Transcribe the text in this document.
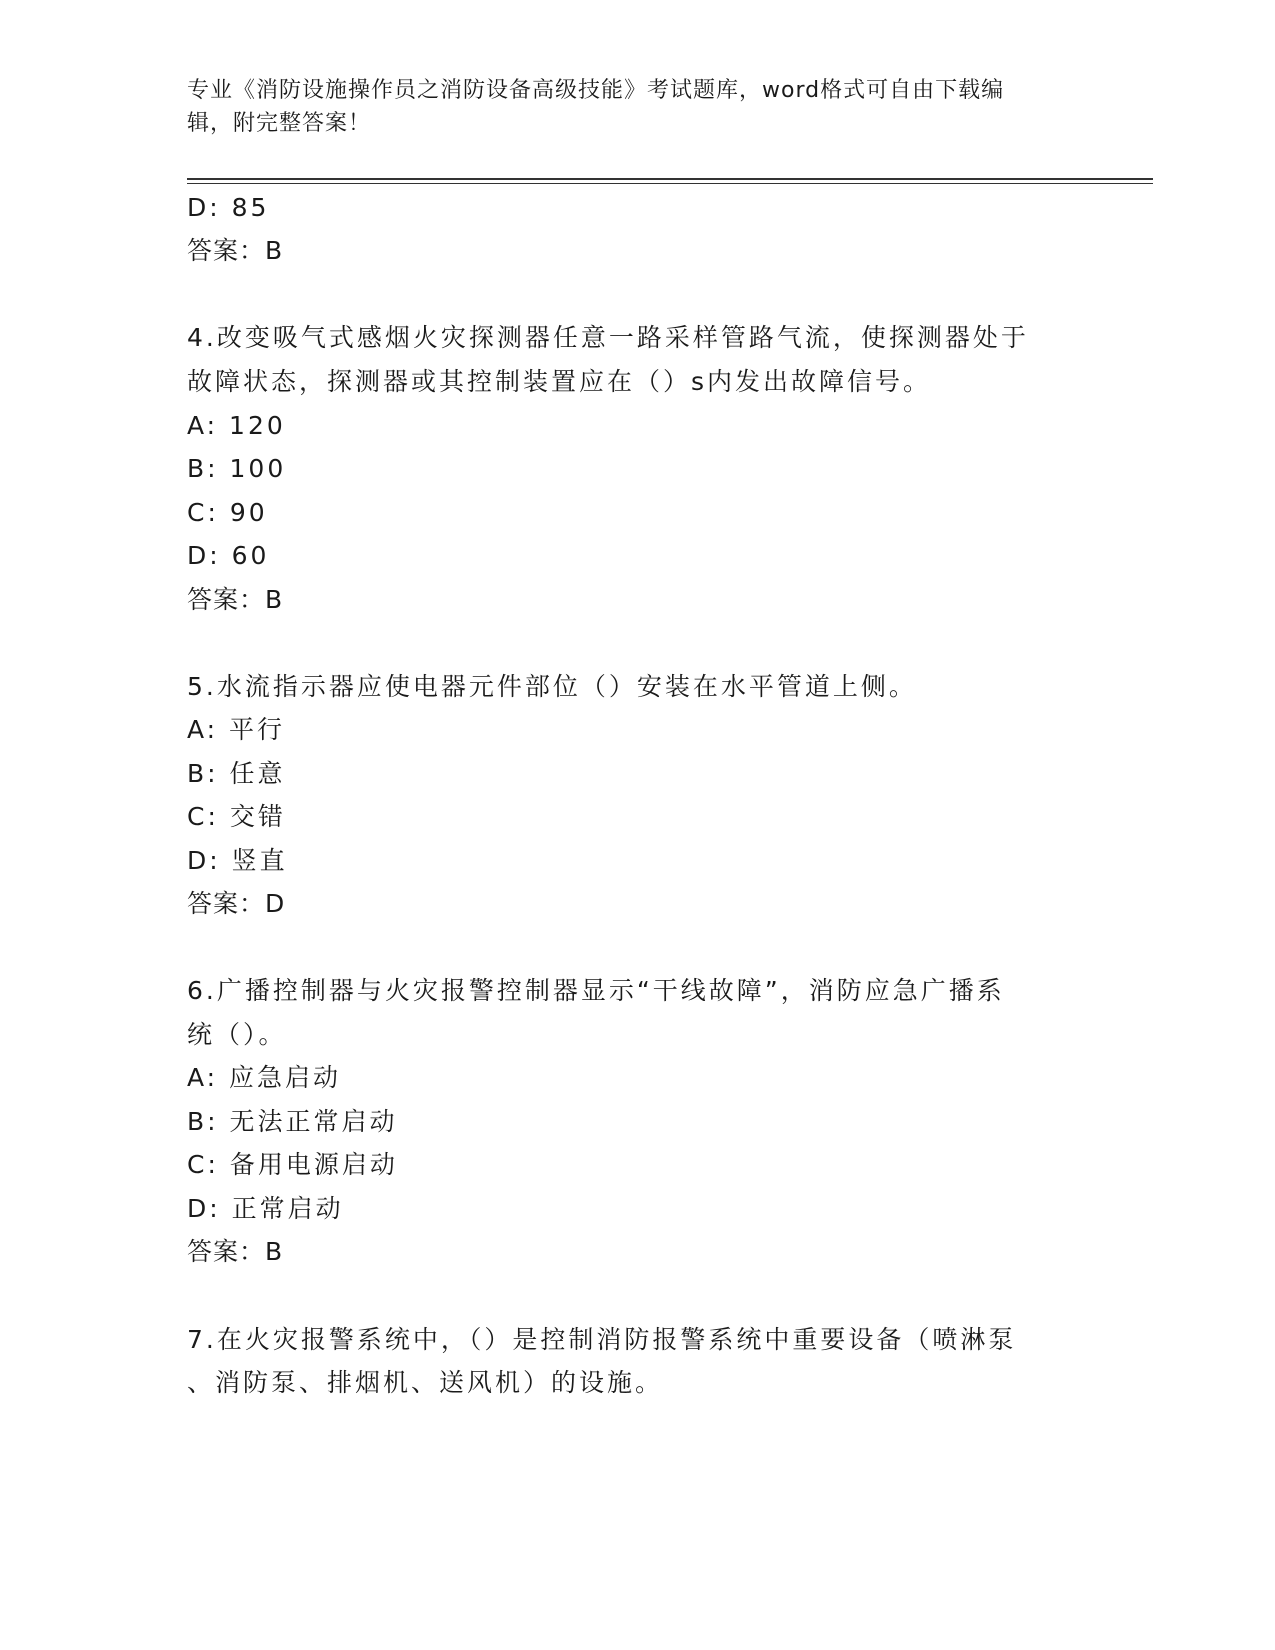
专业《消防设施操作员之消防设备高级技能》考试题库，word格式可自由下载编
辑，附完整答案！
D: 85
答案：B
4.改变吸气式感烟火灾探测器任意一路采样管路气流，使探测器处于
故障状态，探测器或其控制装置应在（）s内发出故障信号。
A: 120
B: 100
C: 90
D: 60
答案：B
5.水流指示器应使电器元件部位（）安装在水平管道上侧。
A: 平行
B: 任意
C: 交错
D: 竖直
答案：D
6.广播控制器与火灾报警控制器显示“干线故障”，消防应急广播系
统（）。
A: 应急启动
B: 无法正常启动
C: 备用电源启动
D: 正常启动
答案：B
7.在火灾报警系统中，（）是控制消防报警系统中重要设备（喷淋泵
、消防泵、排烟机、送风机）的设施。
